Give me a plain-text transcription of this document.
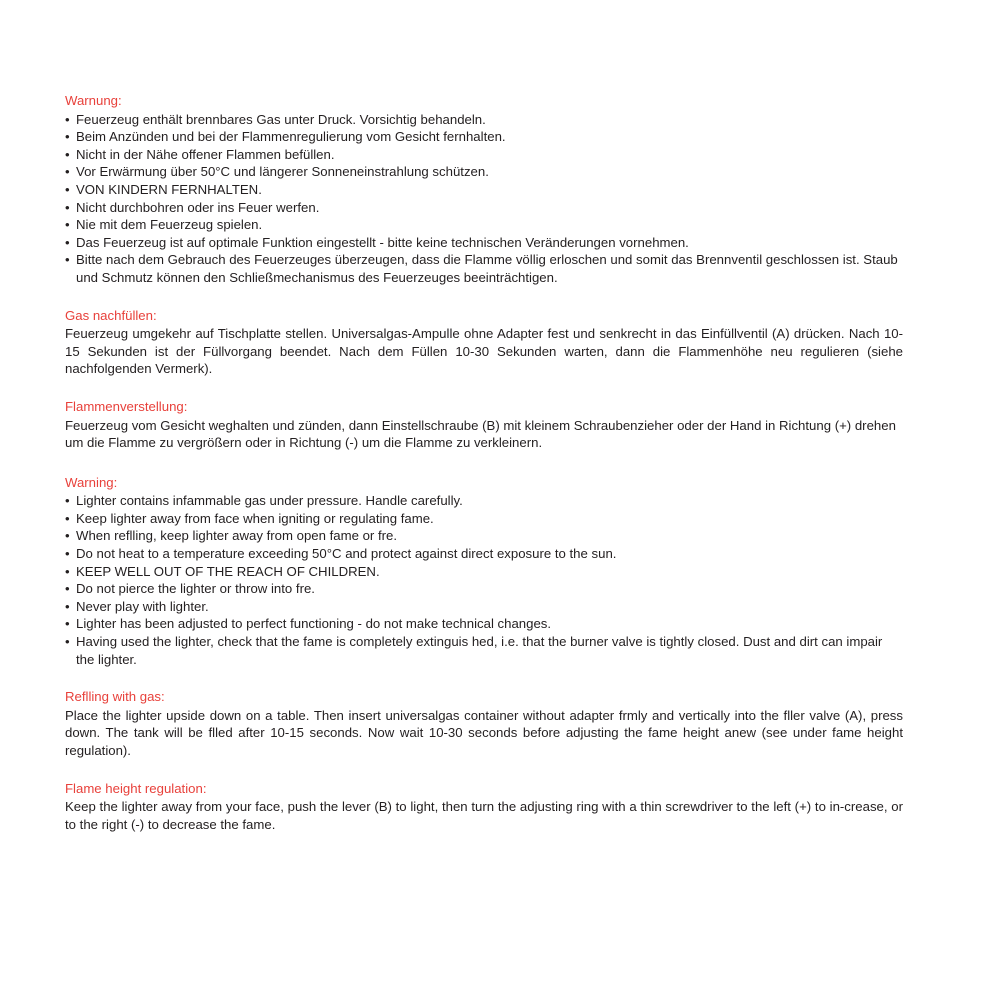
Warnung:
• Feuerzeug enthält brennbares Gas unter Druck. Vorsichtig behandeln.
• Beim Anzünden und bei der Flammenregulierung vom Gesicht fernhalten.
• Nicht in der Nähe offener Flammen befüllen.
• Vor Erwärmung über 50°C und längerer Sonneneinstrahlung schützen.
• VON KINDERN FERNHALTEN.
• Nicht durchbohren oder ins Feuer werfen.
• Nie mit dem Feuerzeug spielen.
• Das Feuerzeug ist auf optimale Funktion eingestellt - bitte keine technischen Veränderungen vornehmen.
• Bitte nach dem Gebrauch des Feuerzeuges überzeugen, dass die Flamme völlig erloschen und somit das Brennventil geschlossen ist. Staub und Schmutz können den Schließmechanismus des Feuerzeuges beeinträchtigen.
Gas nachfüllen:

Feuerzeug umgekehr auf Tischplatte stellen. Universalgas-Ampulle ohne Adapter fest und senkrecht in das Einfüllventil (A) drücken. Nach 10-15 Sekunden ist der Füllvorgang beendet. Nach dem Füllen 10-30 Sekunden warten, dann die Flammenhöhe neu regulieren (siehe nachfolgenden Vermerk).

Flammenverstellung:

Feuerzeug vom Gesicht weghalten und zünden, dann Einstellschraube (B) mit kleinem Schraubenzieher oder der Hand in Richtung (+) drehen um die Flamme zu vergrößern oder in Richtung (-) um die Flamme zu verkleinern.

Warning:
• Lighter contains infammable gas under pressure. Handle carefully.
• Keep lighter away from face when igniting or regulating fame.
• When reflling, keep lighter away from open fame or fre.
• Do not heat to a temperature exceeding 50°C and protect against direct exposure to the sun.
• KEEP WELL OUT OF THE REACH OF CHILDREN.
• Do not pierce the lighter or throw into fre.
• Never play with lighter.
• Lighter has been adjusted to perfect functioning - do not make technical changes.
• Having used the lighter, check that the fame is completely extinguis hed, i.e. that the burner valve is tightly closed. Dust and dirt can impair the lighter.
Reflling with gas:

Place the lighter upside down on a table. Then insert universalgas container without adapter frmly and vertically into the fller valve (A), press down. The tank will be flled after 10-15 seconds. Now wait 10-30 seconds before adjusting the fame height anew (see under fame height regulation).

Flame height regulation:

Keep the lighter away from your face, push the lever (B) to light, then turn the adjusting ring with a thin screwdriver to the left (+) to in-crease, or to the right (-) to decrease the fame.
